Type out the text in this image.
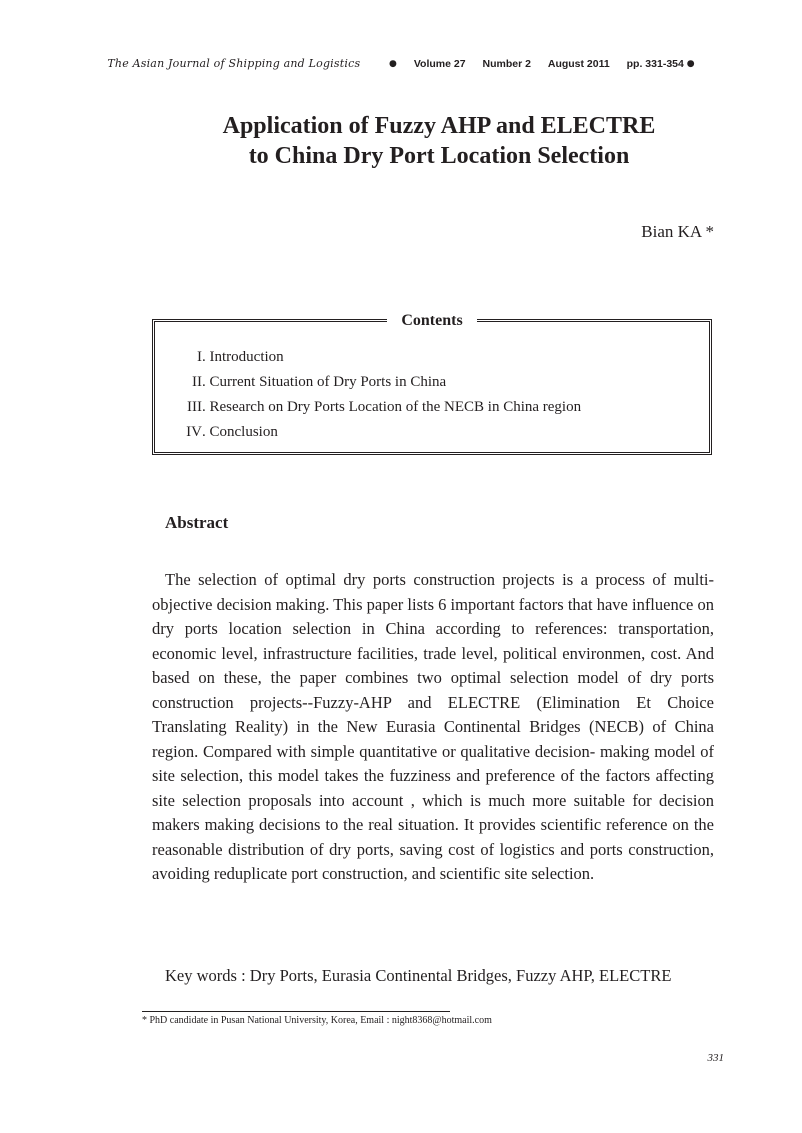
The Asian Journal of Shipping and Logistics	● Volume 27 Number 2 August 2011 pp. 331-354 ●
Application of Fuzzy AHP and ELECTRE
to China Dry Port Location Selection
Bian KA *
Contents
I. Introduction
II. Current Situation of Dry Ports in China
III. Research on Dry Ports Location of the NECB in China region
IV. Conclusion
Abstract

The selection of optimal dry ports construction projects is a process of multi-objective decision making. This paper lists 6 important factors that have influence on dry ports location selection in China according to references: transportation, economic level, infrastructure facilities, trade level, political environmen, cost. And based on these, the paper combines two optimal selection model of dry ports construction projects--Fuzzy-AHP and ELECTRE (Elimination Et Choice Translating Reality) in the New Eurasia Continental Bridges (NECB) of China region. Compared with simple quantitative or qualitative decision- making model of site selection, this model takes the fuzziness and preference of the factors affecting site selection proposals into account , which is much more suitable for decision makers making decisions to the real situation. It provides scientific reference on the reasonable distribution of dry ports, saving cost of logistics and ports construction, avoiding reduplicate port construction, and scientific site selection.

Key words : Dry Ports, Eurasia Continental Bridges, Fuzzy AHP, ELECTRE
* PhD candidate in Pusan National University, Korea, Email : night8368@hotmail.com
331
